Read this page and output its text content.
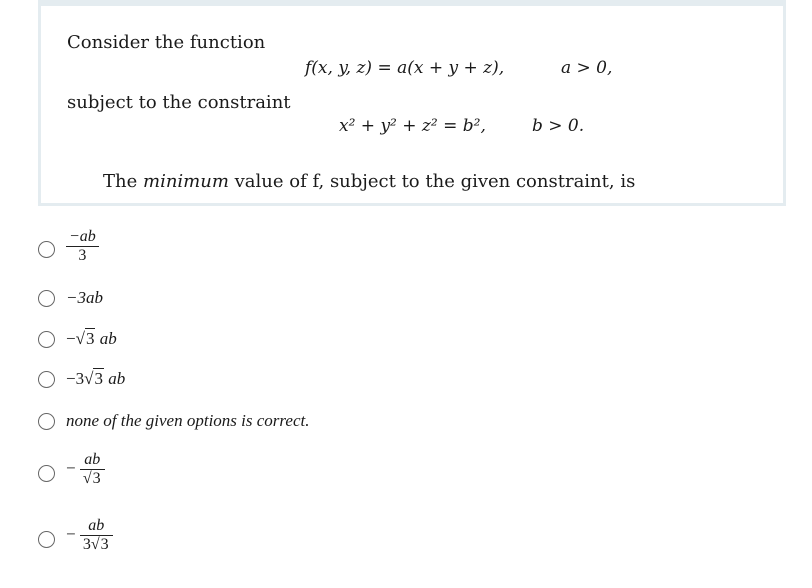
Consider the function
f(x, y, z) = a(x + y + z),	a > 0,
subject to the constraint
x² + y² + z² = b²,	b > 0.
The minimum value of f, subject to the given constraint, is
$\frac{-ab}{3}$
−3ab
−√3 ab
−3√3 ab
none of the given options is correct.
− $\frac{ab}{√3}$
− $\frac{ab}{3√3}$
